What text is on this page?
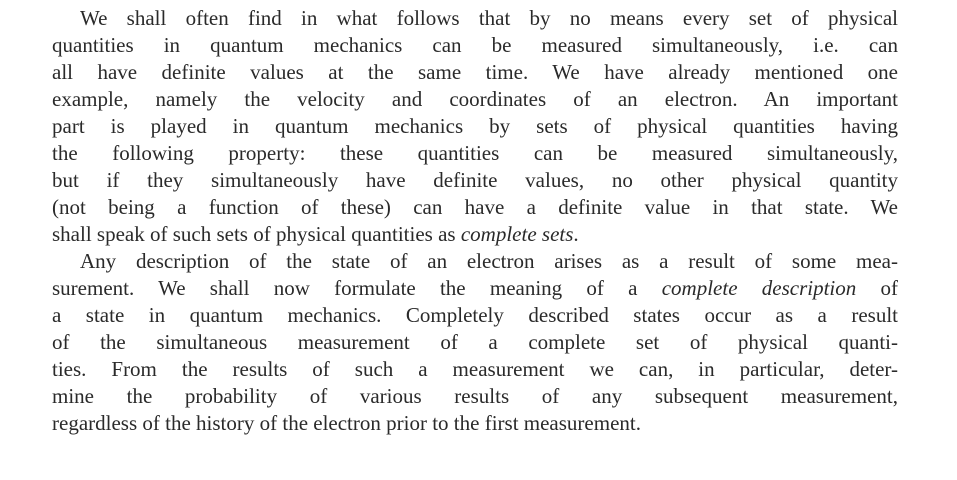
We shall often find in what follows that by no means every set of physical
quantities in quantum mechanics can be measured simultaneously, i.e. can
all have definite values at the same time. We have already mentioned one
example, namely the velocity and coordinates of an electron. An important
part is played in quantum mechanics by sets of physical quantities having
the following property: these quantities can be measured simultaneously,
but if they simultaneously have definite values, no other physical quantity
(not being a function of these) can have a definite value in that state. We
shall speak of such sets of physical quantities as complete sets.
Any description of the state of an electron arises as a result of some mea-
surement. We shall now formulate the meaning of a complete description of
a state in quantum mechanics. Completely described states occur as a result
of the simultaneous measurement of a complete set of physical quanti-
ties. From the results of such a measurement we can, in particular, deter-
mine the probability of various results of any subsequent measurement,
regardless of the history of the electron prior to the first measurement.
